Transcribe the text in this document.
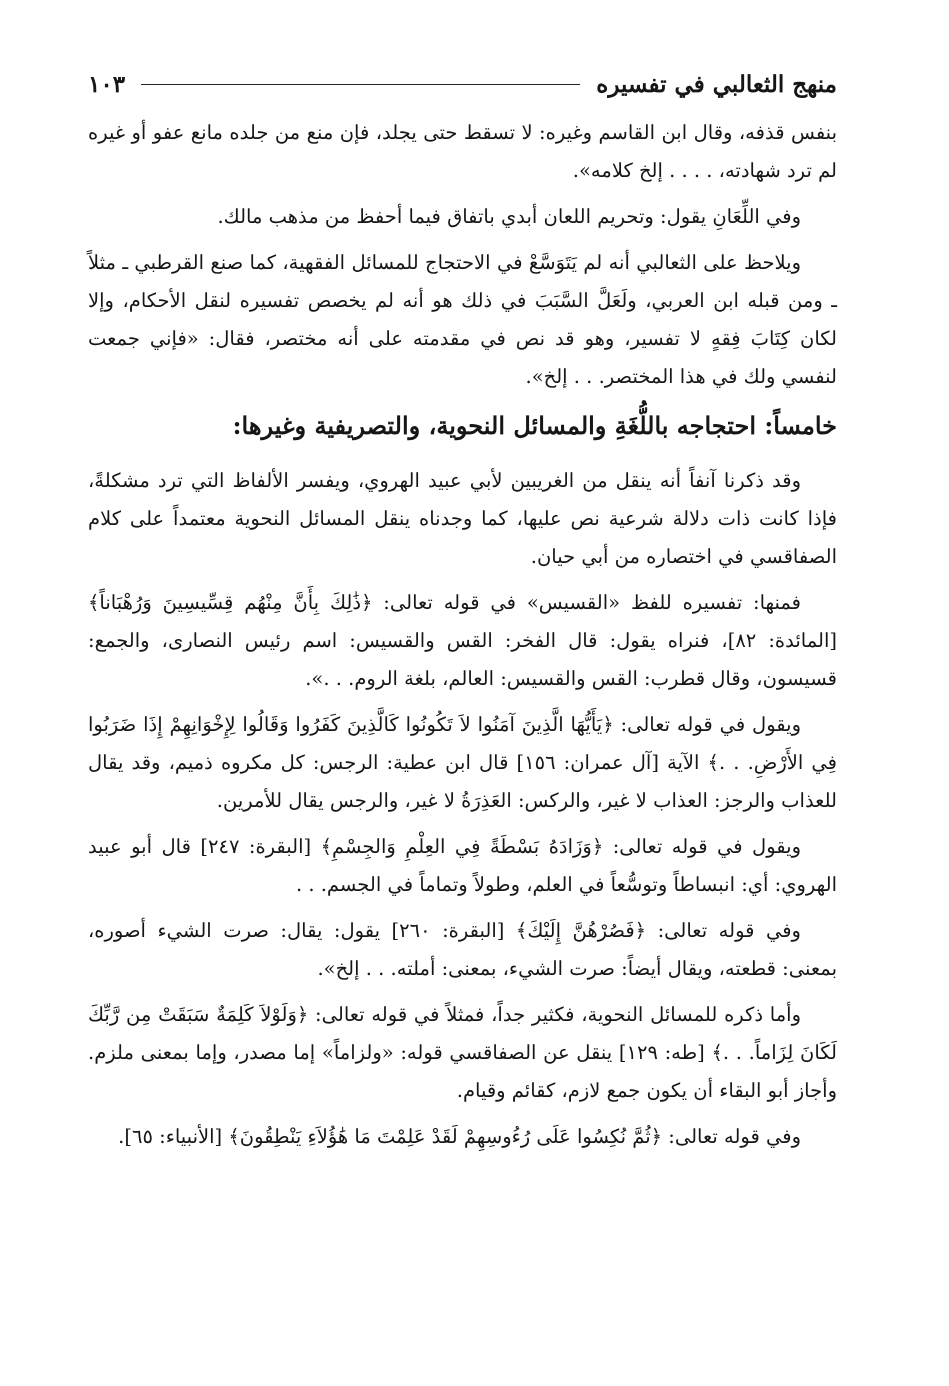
منهج الثعالبي في تفسيره
١٠٣

بنفس قذفه، وقال ابن القاسم وغيره: لا تسقط حتى يجلد، فإن منع من جلده مانع عفو أو غيره لم ترد شهادته، . . . . إلخ كلامه».

وفي اللِّعَانِ يقول: وتحريم اللعان أبدي باتفاق فيما أحفظ من مذهب مالك.

ويلاحظ على الثعالبي أنه لم يَتَوَسَّعْ في الاحتجاج للمسائل الفقهية، كما صنع القرطبي ـ مثلاً ـ ومن قبله ابن العربي، ولَعَلَّ السَّبَبَ في ذلك هو أنه لم يخصص تفسيره لنقل الأحكام، وإلا لكان كِتَابَ فِقهٍ لا تفسير، وهو قد نص في مقدمته على أنه مختصر، فقال: «فإني جمعت لنفسي ولك في هذا المختصر. . . إلخ».

خامساً: احتجاجه باللُّغَةِ والمسائل النحوية، والتصريفية وغيرها:

وقد ذكرنا آنفاً أنه ينقل من الغريبين لأبي عبيد الهروي، ويفسر الألفاظ التي ترد مشكلةً، فإذا كانت ذات دلالة شرعية نص عليها، كما وجدناه ينقل المسائل النحوية معتمداً على كلام الصفاقسي في اختصاره من أبي حيان.

فمنها: تفسيره للفظ «القسيس» في قوله تعالى: ﴿ذَٰلِكَ بِأَنَّ مِنْهُم قِسِّيسِينَ وَرُهْبَاناً﴾ [المائدة: ٨٢]، فنراه يقول: قال الفخر: القس والقسيس: اسم رئيس النصارى، والجمع: قسيسون، وقال قطرب: القس والقسيس: العالم، بلغة الروم. . .».

ويقول في قوله تعالى: ﴿يَأَيُّهَا الَّذِينَ آمَنُوا لاَ تَكُونُوا كَالَّذِينَ كَفَرُوا وَقَالُوا لِإِخْوَانِهِمْ إِذَا ضَرَبُوا فِي الأَرْضِ. . .﴾ الآية [آل عمران: ١٥٦] قال ابن عطية: الرجس: كل مكروه ذميم، وقد يقال للعذاب والرجز: العذاب لا غير، والركس: العَذِرَةُ لا غير، والرجس يقال للأمرين.

ويقول في قوله تعالى: ﴿وَزَادَهُ بَسْطَةً فِي العِلْمِ وَالجِسْمِ﴾ [البقرة: ٢٤٧] قال أبو عبيد الهروي: أي: انبساطاً وتوسُّعاً في العلم، وطولاً وتماماً في الجسم. . .

وفي قوله تعالى: ﴿فَصُرْهُنَّ إِلَيْكَ﴾ [البقرة: ٢٦٠] يقول: يقال: صرت الشيء أصوره، بمعنى: قطعته، ويقال أيضاً: صرت الشيء، بمعنى: أملته. . . إلخ».

وأما ذكره للمسائل النحوية، فكثير جداً، فمثلاً في قوله تعالى: ﴿وَلَوْلاَ كَلِمَةٌ سَبَقَتْ مِن رَّبِّكَ لَكَانَ لِزَاماً. . .﴾ [طه: ١٢٩] ينقل عن الصفاقسي قوله: «ولزاماً» إما مصدر، وإما بمعنى ملزم. وأجاز أبو البقاء أن يكون جمع لازم، كقائم وقيام.

وفي قوله تعالى: ﴿ثُمَّ نُكِسُوا عَلَى رُءُوسِهِمْ لَقَدْ عَلِمْتَ مَا هَٰؤُلاَءِ يَنْطِقُونَ﴾ [الأنبياء: ٦٥].
